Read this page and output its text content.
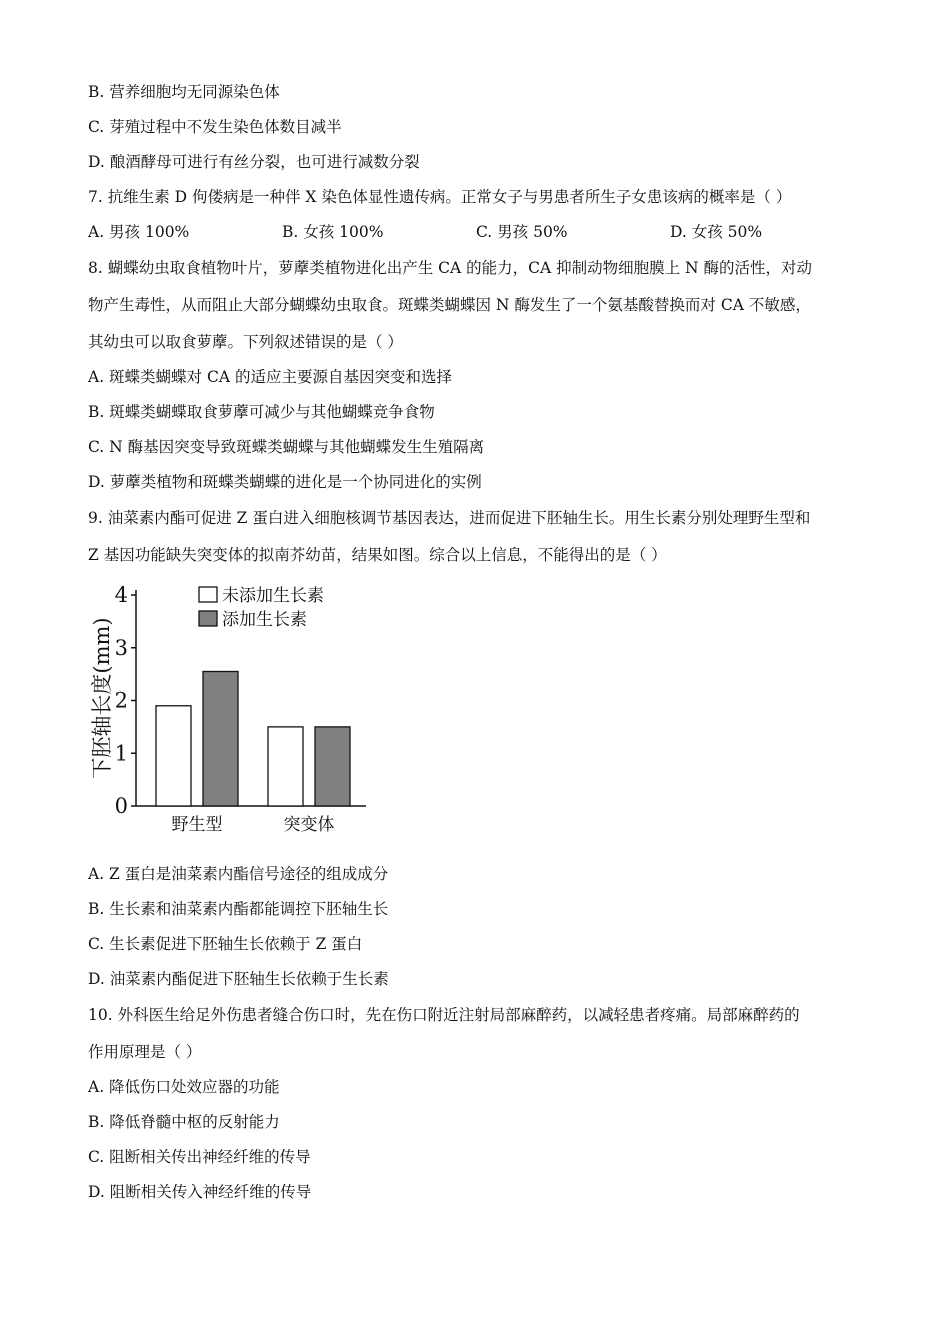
B. 营养细胞均无同源染色体
C. 芽殖过程中不发生染色体数目减半
D. 酿酒酵母可进行有丝分裂，也可进行减数分裂
7. 抗维生素 D 佝偻病是一种伴 X 染色体显性遗传病。正常女子与男患者所生子女患该病的概率是（ ）
A. 男孩 100%	B. 女孩 100%	C. 男孩 50%	D. 女孩 50%
8. 蝴蝶幼虫取食植物叶片，萝藦类植物进化出产生 CA 的能力，CA 抑制动物细胞膜上 N 酶的活性，对动
物产生毒性，从而阻止大部分蝴蝶幼虫取食。斑蝶类蝴蝶因 N 酶发生了一个氨基酸替换而对 CA 不敏感，
其幼虫可以取食萝藦。下列叙述错误的是（ ）
A. 斑蝶类蝴蝶对 CA 的适应主要源自基因突变和选择
B. 斑蝶类蝴蝶取食萝藦可减少与其他蝴蝶竞争食物
C. N 酶基因突变导致斑蝶类蝴蝶与其他蝴蝶发生生殖隔离
D. 萝藦类植物和斑蝶类蝴蝶的进化是一个协同进化的实例
9. 油菜素内酯可促进 Z 蛋白进入细胞核调节基因表达，进而促进下胚轴生长。用生长素分别处理野生型和
Z 基因功能缺失突变体的拟南芥幼苗，结果如图。综合以上信息，不能得出的是（ ）
0
1
2
3
4
野生型	突变体
未添加生长素
添加生长素
下胚轴长度(mm)
A. Z 蛋白是油菜素内酯信号途径的组成成分
B. 生长素和油菜素内酯都能调控下胚轴生长
C. 生长素促进下胚轴生长依赖于 Z 蛋白
D. 油菜素内酯促进下胚轴生长依赖于生长素
10. 外科医生给足外伤患者缝合伤口时，先在伤口附近注射局部麻醉药，以减轻患者疼痛。局部麻醉药的
作用原理是（ ）
A. 降低伤口处效应器的功能
B. 降低脊髓中枢的反射能力
C. 阻断相关传出神经纤维的传导
D. 阻断相关传入神经纤维的传导
